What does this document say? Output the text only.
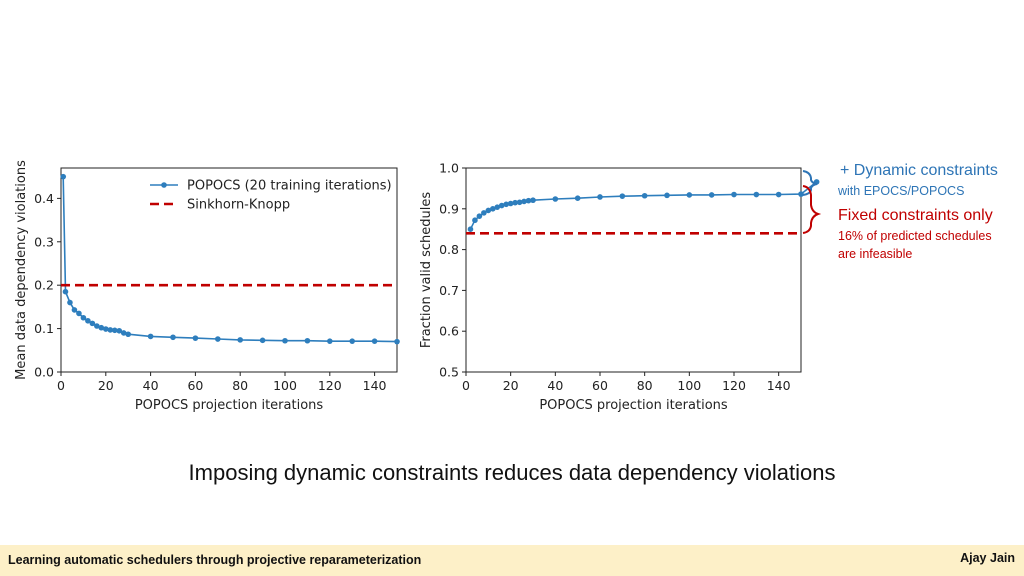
0	20 40 60 80 100 120 140
0.0
0.1
0.2
0.3
0.4
POPOCS projection iterations
Mean data dependency violations	POPOCS (20 training iterations)
Sinkhorn-Knopp
0	20 40 60 80 100 120 140
0.5
0.6
0.7
0.8
0.9
1.0
POPOCS projection iterations
Fraction valid schedules
+ Dynamic constraints
with EPOCS/POPOCS
Fixed constraints only
16% of predicted schedules
are infeasible
Imposing dynamic constraints reduces data dependency violations
Learning automatic schedulers through projective reparameterization	Ajay Jain
